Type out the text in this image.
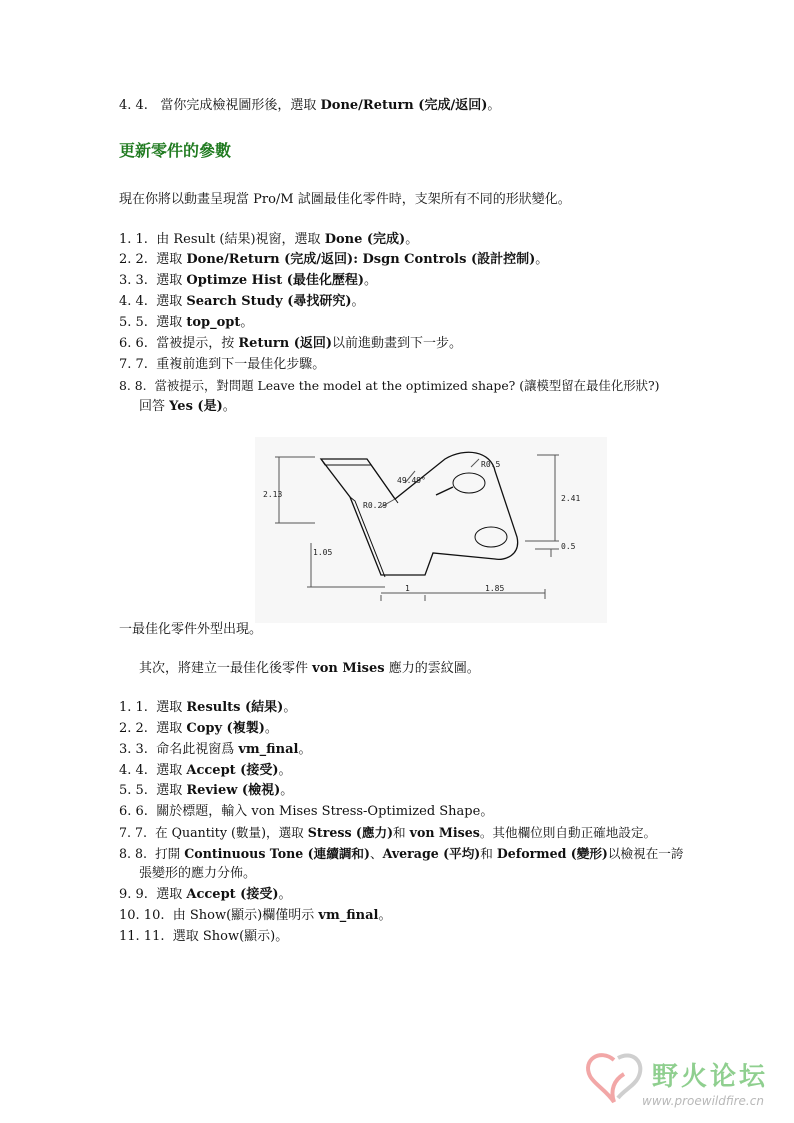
4. 4. 當你完成檢視圖形後，選取 Done/Return (完成/返回)。
更新零件的參數
現在你將以動畫呈現當 Pro/M 試圖最佳化零件時，支架所有不同的形狀變化。
1. 1. 由 Result (結果)視窗，選取 Done (完成)。
2. 2. 選取 Done/Return (完成/返回): Dsgn Controls (設計控制)。
3. 3. 選取 Optimze Hist (最佳化歷程)。
4. 4. 選取 Search Study (尋找研究)。
5. 5. 選取 top_opt。
6. 6. 當被提示，按 Return (返回)以前進動畫到下一步。
7. 7. 重複前進到下一最佳化步驟。
8. 8. 當被提示，對問題 Leave the model at the optimized shape? (讓模型留在最佳化形狀?)
回答 Yes (是)。
2.13	2.41
1.05
0.5
1	1.85
R0.5
R0.29
49.49°
一最佳化零件外型出現。
其次，將建立一最佳化後零件 von Mises 應力的雲紋圖。
1. 1. 選取 Results (結果)。
2. 2. 選取 Copy (複製)。
3. 3. 命名此視窗爲 vm_final。
4. 4. 選取 Accept (接受)。
5. 5. 選取 Review (檢視)。
6. 6. 關於標題，輸入 von Mises Stress-Optimized Shape。
7. 7. 在 Quantity (數量)，選取 Stress (應力)和 von Mises。其他欄位則自動正確地設定。
8. 8. 打開 Continuous Tone (連續調和)、Average (平均)和 Deformed (變形)以檢視在一誇
張變形的應力分佈。
9. 9. 選取 Accept (接受)。
10. 10. 由 Show(顯示)欄僅明示 vm_final。
11. 11. 選取 Show(顯示)。
野火论坛
www.proewildfire.cn
